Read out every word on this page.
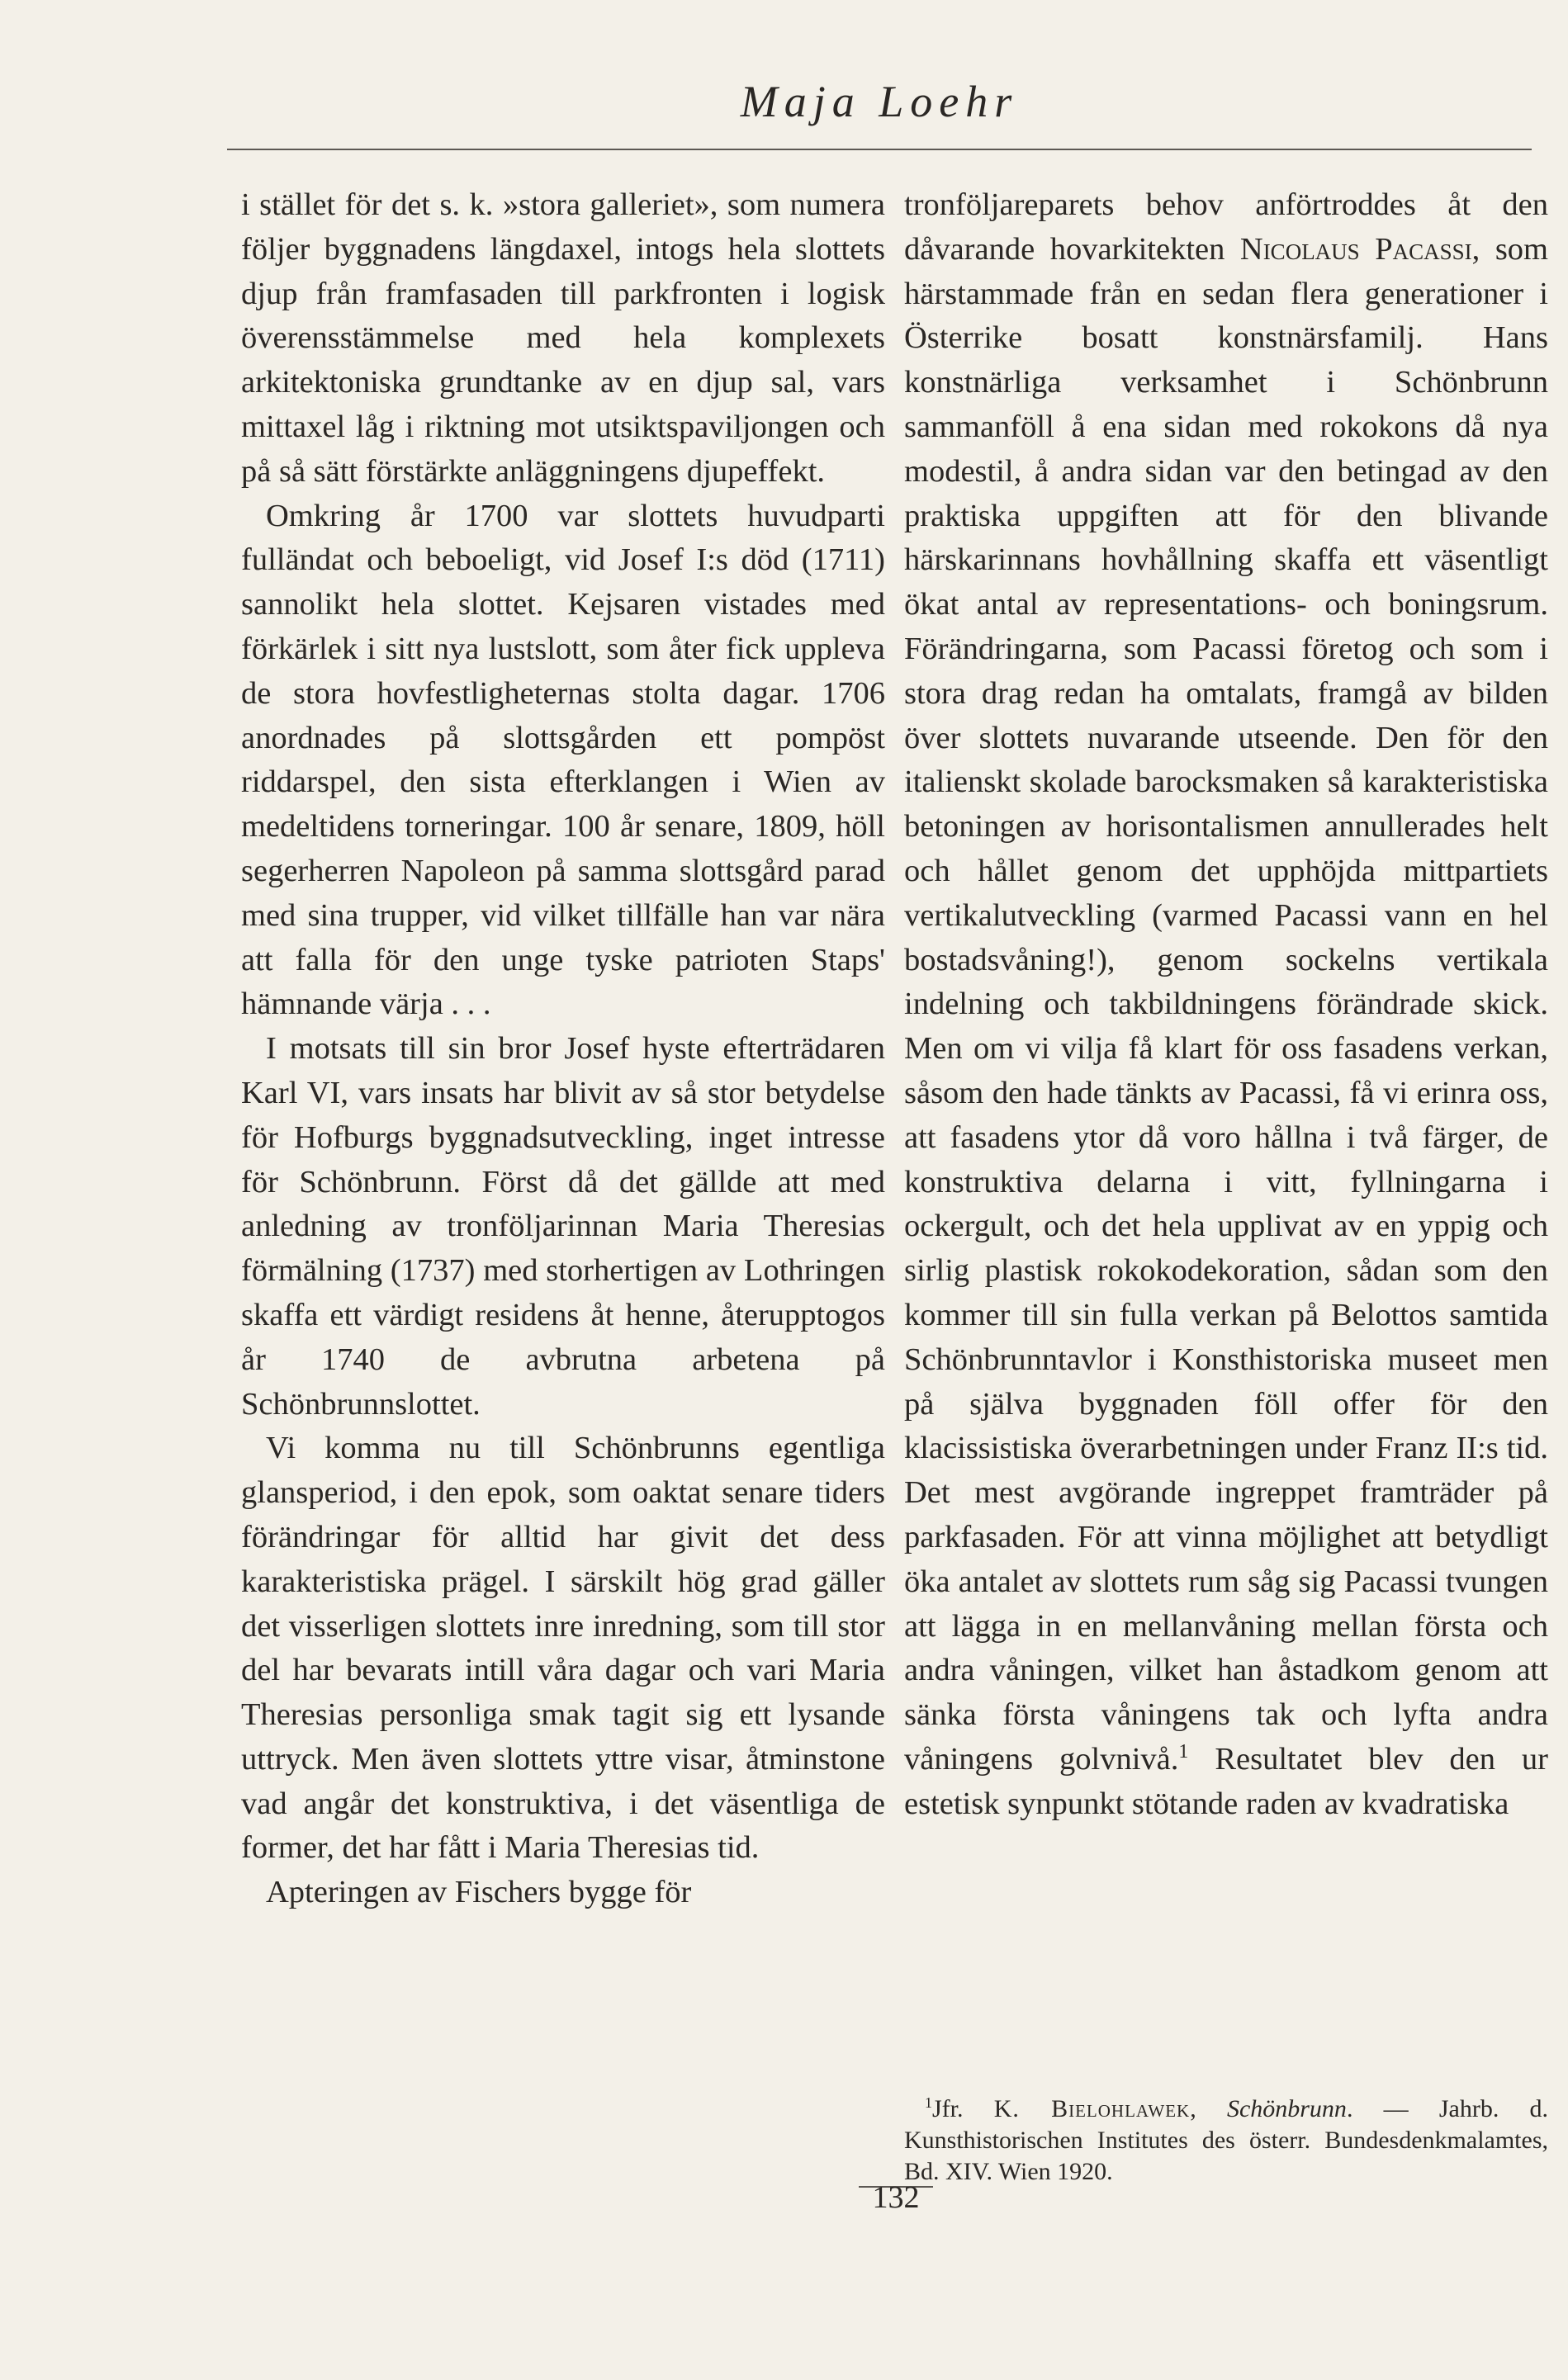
Maja Loehr

i stället för det s. k. »stora galleriet», som numera följer byggnadens längdaxel, intogs hela slottets djup från framfasaden till parkfronten i logisk överensstämmelse med hela komplexets arkitektoniska grundtanke av en djup sal, vars mittaxel låg i riktning mot utsiktspaviljongen och på så sätt förstärkte anläggningens djupeffekt.

Omkring år 1700 var slottets huvudparti fulländat och beboeligt, vid Josef I:s död (1711) sannolikt hela slottet. Kejsaren vistades med förkärlek i sitt nya lustslott, som åter fick uppleva de stora hovfestligheternas stolta dagar. 1706 anordnades på slottsgården ett pompöst riddarspel, den sista efterklangen i Wien av medeltidens torneringar. 100 år senare, 1809, höll segerherren Napoleon på samma slottsgård parad med sina trupper, vid vilket tillfälle han var nära att falla för den unge tyske patrioten Staps' hämnande värja . . .

I motsats till sin bror Josef hyste efterträdaren Karl VI, vars insats har blivit av så stor betydelse för Hofburgs byggnadsutveckling, inget intresse för Schönbrunn. Först då det gällde att med anledning av tronföljarinnan Maria Theresias förmälning (1737) med storhertigen av Lothringen skaffa ett värdigt residens åt henne, återupptogos år 1740 de avbrutna arbetena på Schönbrunnslottet.

Vi komma nu till Schönbrunns egentliga glansperiod, i den epok, som oaktat senare tiders förändringar för alltid har givit det dess karakteristiska prägel. I särskilt hög grad gäller det visserligen slottets inre inredning, som till stor del har bevarats intill våra dagar och vari Maria Theresias personliga smak tagit sig ett lysande uttryck. Men även slottets yttre visar, åtminstone vad angår det konstruktiva, i det väsentliga de former, det har fått i Maria Theresias tid.

Apteringen av Fischers bygge för

tronföljareparets behov anförtroddes åt den dåvarande hovarkitekten Nicolaus Pacassi, som härstammade från en sedan flera generationer i Österrike bosatt konstnärsfamilj. Hans konstnärliga verksamhet i Schönbrunn sammanföll å ena sidan med rokokons då nya modestil, å andra sidan var den betingad av den praktiska uppgiften att för den blivande härskarinnans hovhållning skaffa ett väsentligt ökat antal av representations- och boningsrum. Förändringarna, som Pacassi företog och som i stora drag redan ha omtalats, framgå av bilden över slottets nuvarande utseende. Den för den italienskt skolade barocksmaken så karakteristiska betoningen av horisontalismen annullerades helt och hållet genom det upphöjda mittpartiets vertikalutveckling (varmed Pacassi vann en hel bostadsvåning!), genom sockelns vertikala indelning och takbildningens förändrade skick. Men om vi vilja få klart för oss fasadens verkan, såsom den hade tänkts av Pacassi, få vi erinra oss, att fasadens ytor då voro hållna i två färger, de konstruktiva delarna i vitt, fyllningarna i ockergult, och det hela upplivat av en yppig och sirlig plastisk rokokodekoration, sådan som den kommer till sin fulla verkan på Belottos samtida Schönbrunntavlor i Konsthistoriska museet men på själva byggnaden föll offer för den klacissistiska överarbetningen under Franz II:s tid. Det mest avgörande ingreppet framträder på parkfasaden. För att vinna möjlighet att betydligt öka antalet av slottets rum såg sig Pacassi tvungen att lägga in en mellanvåning mellan första och andra våningen, vilket han åstadkom genom att sänka första våningens tak och lyfta andra våningens golvnivå.$^1$ Resultatet blev den ur estetisk synpunkt stötande raden av kvadratiska

$^1$Jfr. K. Bielohlawek, Schönbrunn. — Jahrb. d. Kunsthistorischen Institutes des österr. Bundesdenkmalamtes, Bd. XIV. Wien 1920.
132
